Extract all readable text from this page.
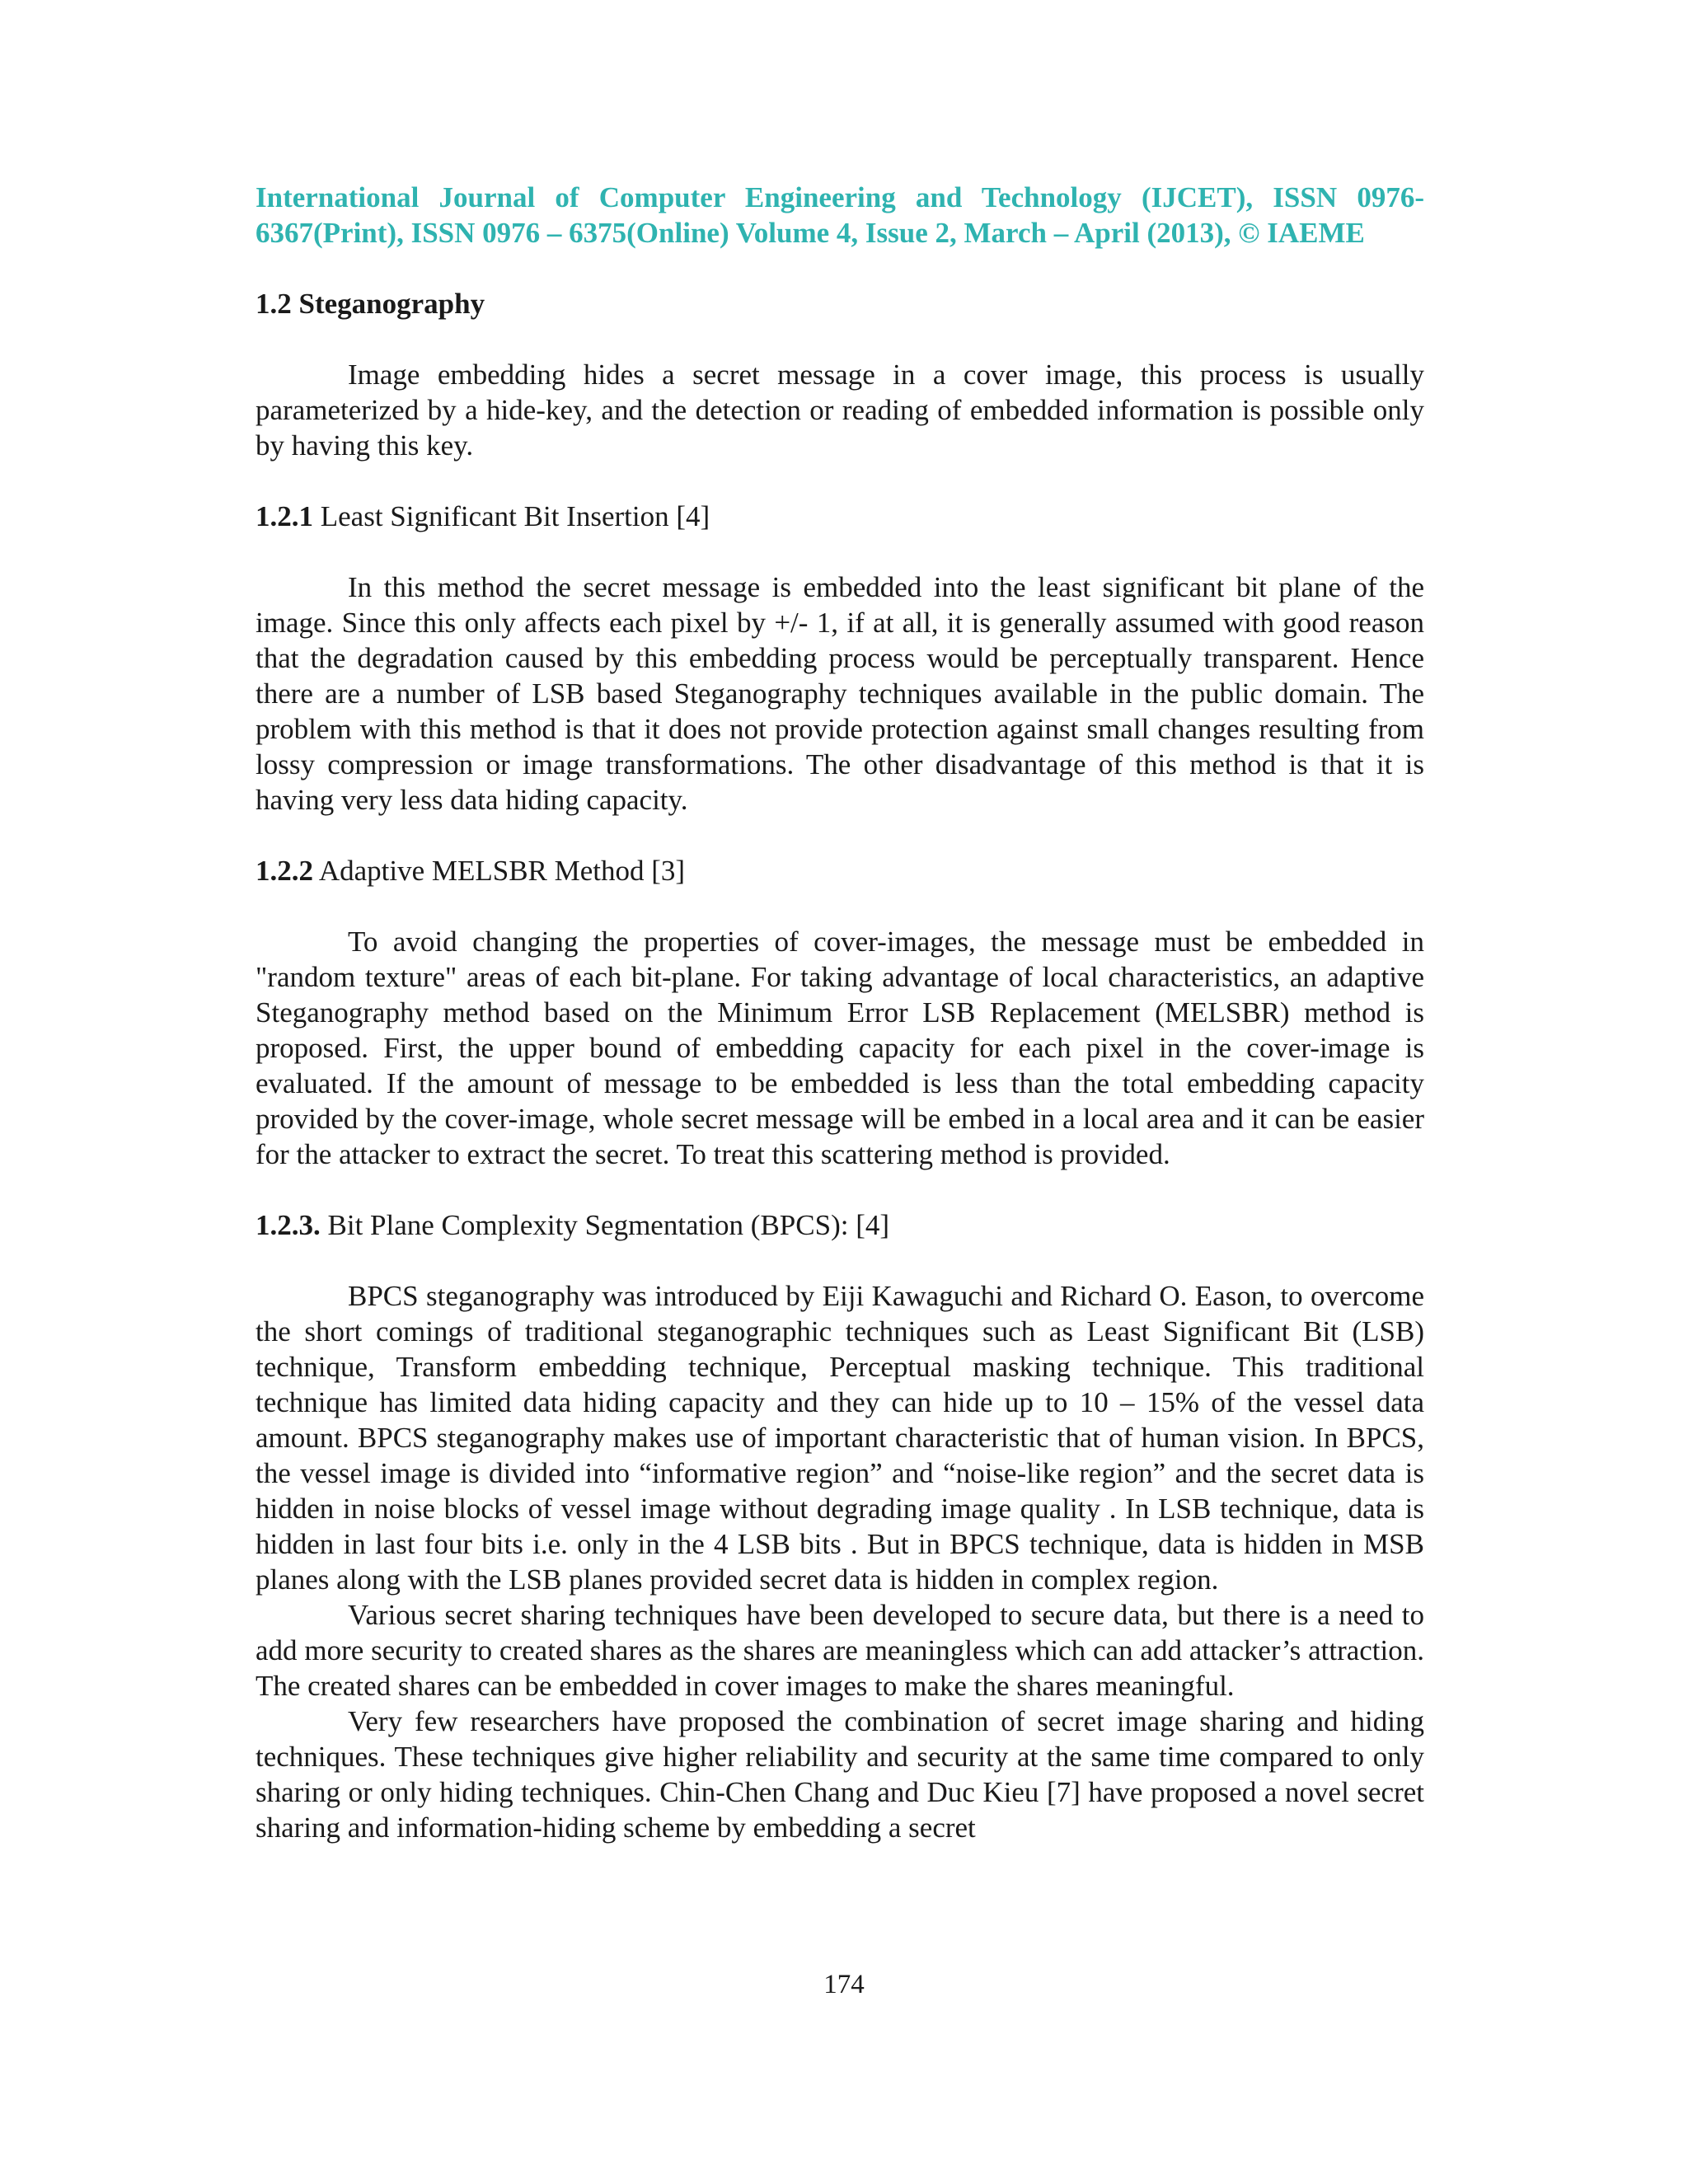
International Journal of Computer Engineering and Technology (IJCET), ISSN 0976-6367(Print), ISSN 0976 – 6375(Online) Volume 4, Issue 2, March – April (2013), © IAEME

1.2 Steganography

Image embedding hides a secret message in a cover image, this process is usually parameterized by a hide-key, and the detection or reading of embedded information is possible only by having this key.

1.2.1 Least Significant Bit Insertion [4]

In this method the secret message is embedded into the least significant bit plane of the image. Since this only affects each pixel by +/- 1, if at all, it is generally assumed with good reason that the degradation caused by this embedding process would be perceptually transparent. Hence there are a number of LSB based Steganography techniques available in the public domain. The problem with this method is that it does not provide protection against small changes resulting from lossy compression or image transformations. The other disadvantage of this method is that it is having very less data hiding capacity.

1.2.2 Adaptive MELSBR Method [3]

To avoid changing the properties of cover-images, the message must be embedded in "random texture" areas of each bit-plane. For taking advantage of local characteristics, an adaptive Steganography method based on the Minimum Error LSB Replacement (MELSBR) method is proposed. First, the upper bound of embedding capacity for each pixel in the cover-image is evaluated. If the amount of message to be embedded is less than the total embedding capacity provided by the cover-image, whole secret message will be embed in a local area and it can be easier for the attacker to extract the secret. To treat this scattering method is provided.

1.2.3. Bit Plane Complexity Segmentation (BPCS): [4]

BPCS steganography was introduced by Eiji Kawaguchi and Richard O. Eason, to overcome the short comings of traditional steganographic techniques such as Least Significant Bit (LSB) technique, Transform embedding technique, Perceptual masking technique. This traditional technique has limited data hiding capacity and they can hide up to 10 – 15% of the vessel data amount. BPCS steganography makes use of important characteristic that of human vision. In BPCS, the vessel image is divided into “informative region” and “noise-like region” and the secret data is hidden in noise blocks of vessel image without degrading image quality . In LSB technique, data is hidden in last four bits i.e. only in the 4 LSB bits . But in BPCS technique, data is hidden in MSB planes along with the LSB planes provided secret data is hidden in complex region.

Various secret sharing techniques have been developed to secure data, but there is a need to add more security to created shares as the shares are meaningless which can add attacker’s attraction. The created shares can be embedded in cover images to make the shares meaningful.

Very few researchers have proposed the combination of secret image sharing and hiding techniques. These techniques give higher reliability and security at the same time compared to only sharing or only hiding techniques. Chin-Chen Chang and Duc Kieu [7] have proposed a novel secret sharing and information-hiding scheme by embedding a secret

174
